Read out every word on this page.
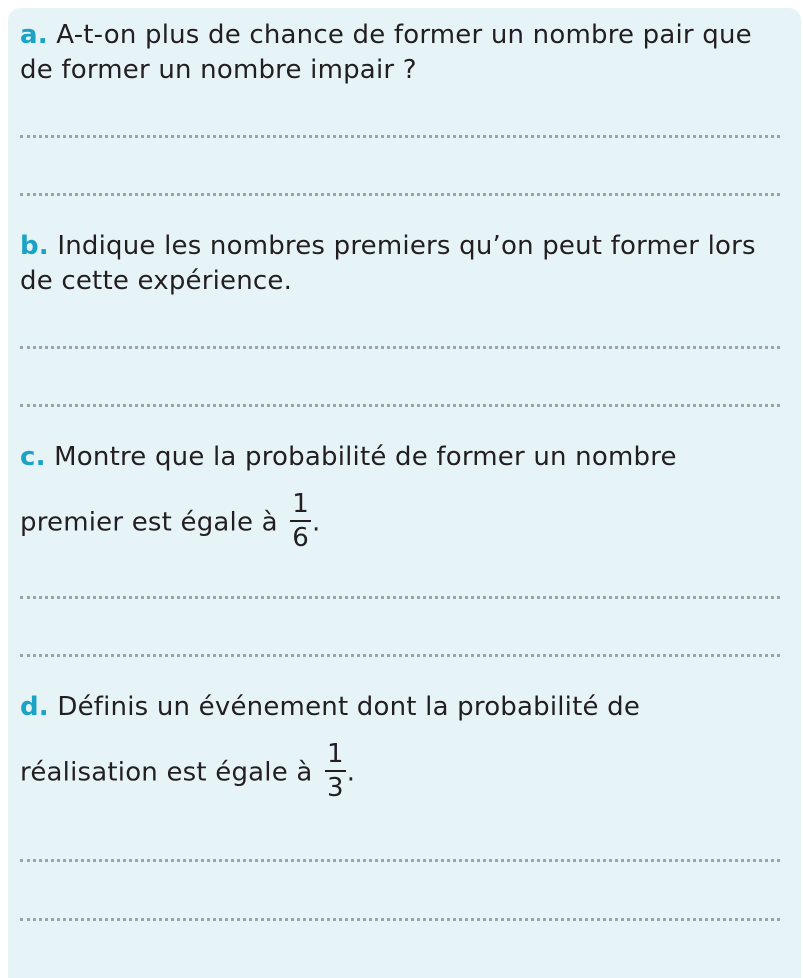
a. A-t-on plus de chance de former un nombre pair que de former un nombre impair ?
b. Indique les nombres premiers qu’on peut former lors de cette expérience.
c. Montre que la probabilité de former un nombre
premier est égale à $\frac{1}{6}$ .
d. Définis un événement dont la probabilité de
réalisation est égale à $\frac{1}{3}$ .
